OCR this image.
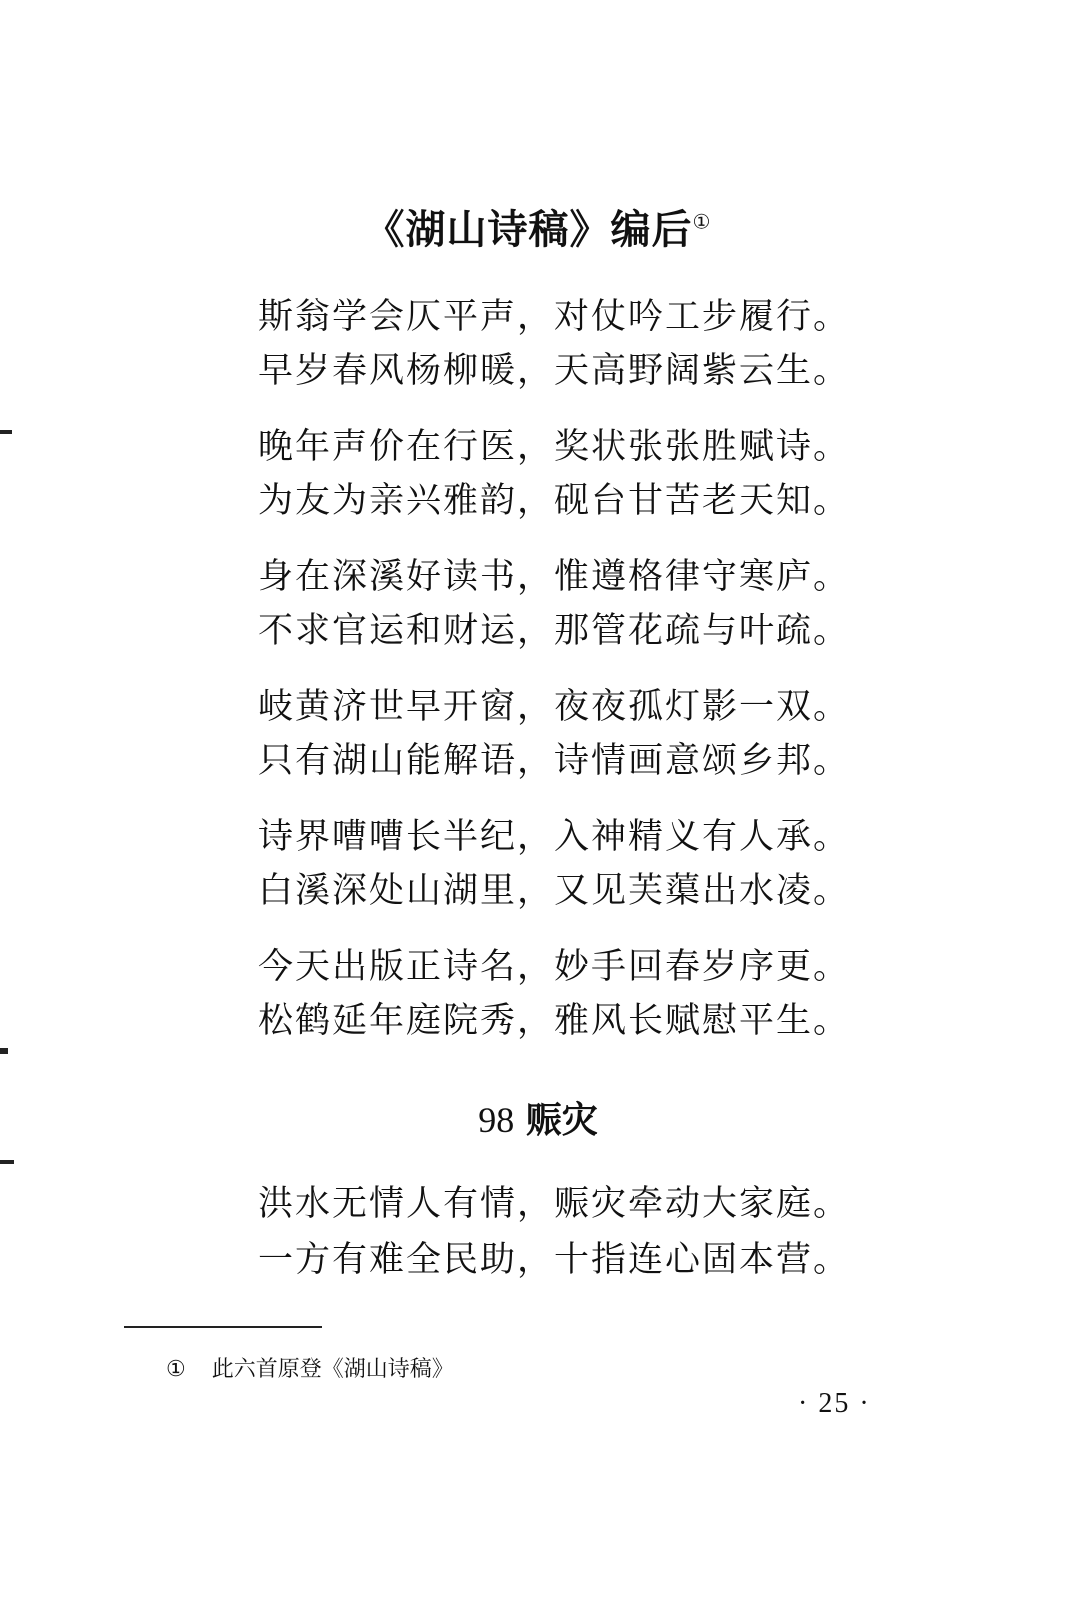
《湖山诗稿》编后①
斯翁学会仄平声，对仗吟工步履行。
早岁春风杨柳暖，天高野阔紫云生。
晚年声价在行医，奖状张张胜赋诗。
为友为亲兴雅韵，砚台甘苦老天知。
身在深溪好读书，惟遵格律守寒庐。
不求官运和财运，那管花疏与叶疏。
岐黄济世早开窗，夜夜孤灯影一双。
只有湖山能解语，诗情画意颂乡邦。
诗界嘈嘈长半纪，入神精义有人承。
白溪深处山湖里，又见芙蕖出水凌。
今天出版正诗名，妙手回春岁序更。
松鹤延年庭院秀，雅风长赋慰平生。
98 赈灾
洪水无情人有情，赈灾牵动大家庭。
一方有难全民助，十指连心固本营。
① 此六首原登《湖山诗稿》
· 25 ·
